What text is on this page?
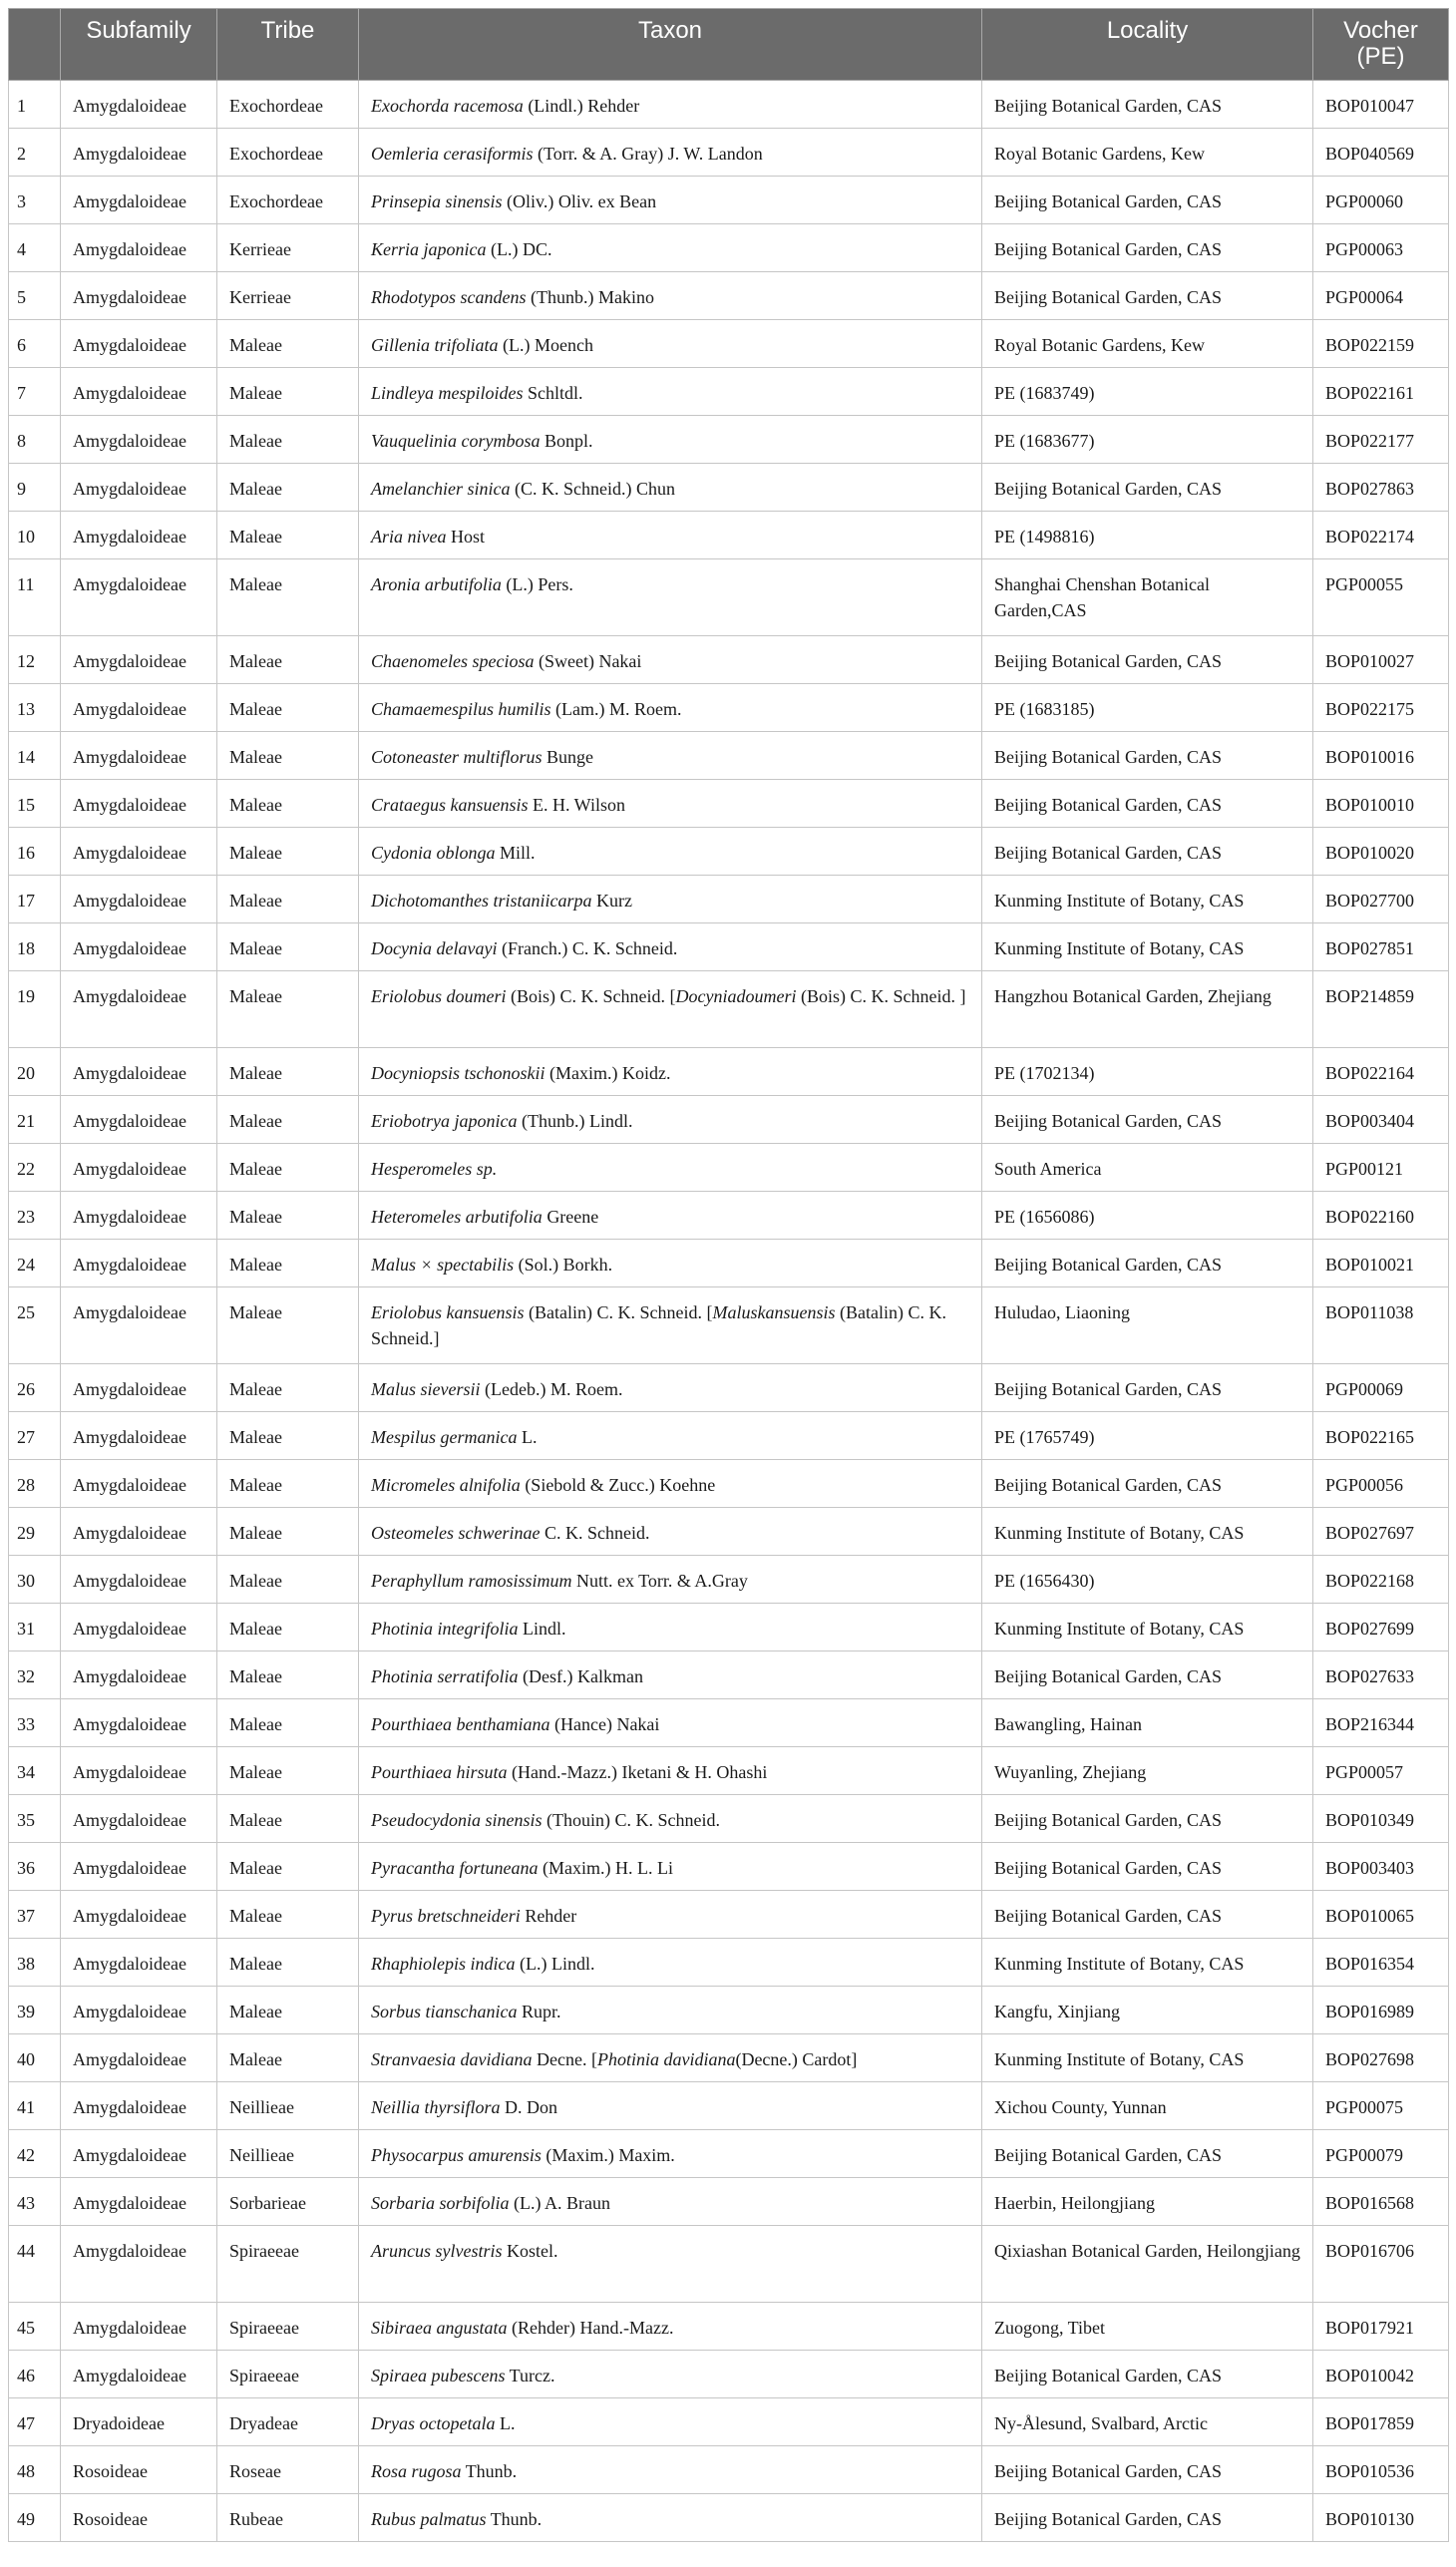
	Subfamily	Tribe	Taxon	Locality	Vocher (PE)
1	Amygdaloideae	Exochordeae	Exochorda racemosa (Lindl.) Rehder	Beijing Botanical Garden, CAS	BOP010047
2	Amygdaloideae	Exochordeae	Oemleria cerasiformis (Torr. & A. Gray) J. W. Landon	Royal Botanic Gardens, Kew	BOP040569
3	Amygdaloideae	Exochordeae	Prinsepia sinensis (Oliv.) Oliv. ex Bean	Beijing Botanical Garden, CAS	PGP00060
4	Amygdaloideae	Kerrieae	Kerria japonica (L.) DC.	Beijing Botanical Garden, CAS	PGP00063
5	Amygdaloideae	Kerrieae	Rhodotypos scandens (Thunb.) Makino	Beijing Botanical Garden, CAS	PGP00064
6	Amygdaloideae	Maleae	Gillenia trifoliata (L.) Moench	Royal Botanic Gardens, Kew	BOP022159
7	Amygdaloideae	Maleae	Lindleya mespiloides Schltdl.	PE (1683749)	BOP022161
8	Amygdaloideae	Maleae	Vauquelinia corymbosa Bonpl.	PE (1683677)	BOP022177
9	Amygdaloideae	Maleae	Amelanchier sinica (C. K. Schneid.) Chun	Beijing Botanical Garden, CAS	BOP027863
10	Amygdaloideae	Maleae	Aria nivea Host	PE (1498816)	BOP022174
11	Amygdaloideae	Maleae	Aronia arbutifolia (L.) Pers.	Shanghai Chenshan Botanical Garden,CAS	PGP00055
12	Amygdaloideae	Maleae	Chaenomeles speciosa (Sweet) Nakai	Beijing Botanical Garden, CAS	BOP010027
13	Amygdaloideae	Maleae	Chamaemespilus humilis (Lam.) M. Roem.	PE (1683185)	BOP022175
14	Amygdaloideae	Maleae	Cotoneaster multiflorus Bunge	Beijing Botanical Garden, CAS	BOP010016
15	Amygdaloideae	Maleae	Crataegus kansuensis E. H. Wilson	Beijing Botanical Garden, CAS	BOP010010
16	Amygdaloideae	Maleae	Cydonia oblonga Mill.	Beijing Botanical Garden, CAS	BOP010020
17	Amygdaloideae	Maleae	Dichotomanthes tristaniicarpa Kurz	Kunming Institute of Botany, CAS	BOP027700
18	Amygdaloideae	Maleae	Docynia delavayi (Franch.) C. K. Schneid.	Kunming Institute of Botany, CAS	BOP027851
19	Amygdaloideae	Maleae	Eriolobus doumeri (Bois) C. K. Schneid. [Docyniadoumeri (Bois) C. K. Schneid. ]	Hangzhou Botanical Garden, Zhejiang	BOP214859
20	Amygdaloideae	Maleae	Docyniopsis tschonoskii (Maxim.) Koidz.	PE (1702134)	BOP022164
21	Amygdaloideae	Maleae	Eriobotrya japonica (Thunb.) Lindl.	Beijing Botanical Garden, CAS	BOP003404
22	Amygdaloideae	Maleae	Hesperomeles sp.	South America	PGP00121
23	Amygdaloideae	Maleae	Heteromeles arbutifolia Greene	PE (1656086)	BOP022160
24	Amygdaloideae	Maleae	Malus × spectabilis (Sol.) Borkh.	Beijing Botanical Garden, CAS	BOP010021
25	Amygdaloideae	Maleae	Eriolobus kansuensis (Batalin) C. K. Schneid. [Maluskansuensis (Batalin) C. K. Schneid.]	Huludao, Liaoning	BOP011038
26	Amygdaloideae	Maleae	Malus sieversii (Ledeb.) M. Roem.	Beijing Botanical Garden, CAS	PGP00069
27	Amygdaloideae	Maleae	Mespilus germanica L.	PE (1765749)	BOP022165
28	Amygdaloideae	Maleae	Micromeles alnifolia (Siebold & Zucc.) Koehne	Beijing Botanical Garden, CAS	PGP00056
29	Amygdaloideae	Maleae	Osteomeles schwerinae C. K. Schneid.	Kunming Institute of Botany, CAS	BOP027697
30	Amygdaloideae	Maleae	Peraphyllum ramosissimum Nutt. ex Torr. & A.Gray	PE (1656430)	BOP022168
31	Amygdaloideae	Maleae	Photinia integrifolia Lindl.	Kunming Institute of Botany, CAS	BOP027699
32	Amygdaloideae	Maleae	Photinia serratifolia (Desf.) Kalkman	Beijing Botanical Garden, CAS	BOP027633
33	Amygdaloideae	Maleae	Pourthiaea benthamiana (Hance) Nakai	Bawangling, Hainan	BOP216344
34	Amygdaloideae	Maleae	Pourthiaea hirsuta (Hand.-Mazz.) Iketani & H. Ohashi	Wuyanling, Zhejiang	PGP00057
35	Amygdaloideae	Maleae	Pseudocydonia sinensis (Thouin) C. K. Schneid.	Beijing Botanical Garden, CAS	BOP010349
36	Amygdaloideae	Maleae	Pyracantha fortuneana (Maxim.) H. L. Li	Beijing Botanical Garden, CAS	BOP003403
37	Amygdaloideae	Maleae	Pyrus bretschneideri Rehder	Beijing Botanical Garden, CAS	BOP010065
38	Amygdaloideae	Maleae	Rhaphiolepis indica (L.) Lindl.	Kunming Institute of Botany, CAS	BOP016354
39	Amygdaloideae	Maleae	Sorbus tianschanica Rupr.	Kangfu, Xinjiang	BOP016989
40	Amygdaloideae	Maleae	Stranvaesia davidiana Decne. [Photinia davidiana(Decne.) Cardot]	Kunming Institute of Botany, CAS	BOP027698
41	Amygdaloideae	Neillieae	Neillia thyrsiflora D. Don	Xichou County, Yunnan	PGP00075
42	Amygdaloideae	Neillieae	Physocarpus amurensis (Maxim.) Maxim.	Beijing Botanical Garden, CAS	PGP00079
43	Amygdaloideae	Sorbarieae	Sorbaria sorbifolia (L.) A. Braun	Haerbin, Heilongjiang	BOP016568
44	Amygdaloideae	Spiraeeae	Aruncus sylvestris Kostel.	Qixiashan Botanical Garden, Heilongjiang	BOP016706
45	Amygdaloideae	Spiraeeae	Sibiraea angustata (Rehder) Hand.-Mazz.	Zuogong, Tibet	BOP017921
46	Amygdaloideae	Spiraeeae	Spiraea pubescens Turcz.	Beijing Botanical Garden, CAS	BOP010042
47	Dryadoideae	Dryadeae	Dryas octopetala L.	Ny-Ålesund, Svalbard, Arctic	BOP017859
48	Rosoideae	Roseae	Rosa rugosa Thunb.	Beijing Botanical Garden, CAS	BOP010536
49	Rosoideae	Rubeae	Rubus palmatus Thunb.	Beijing Botanical Garden, CAS	BOP010130
